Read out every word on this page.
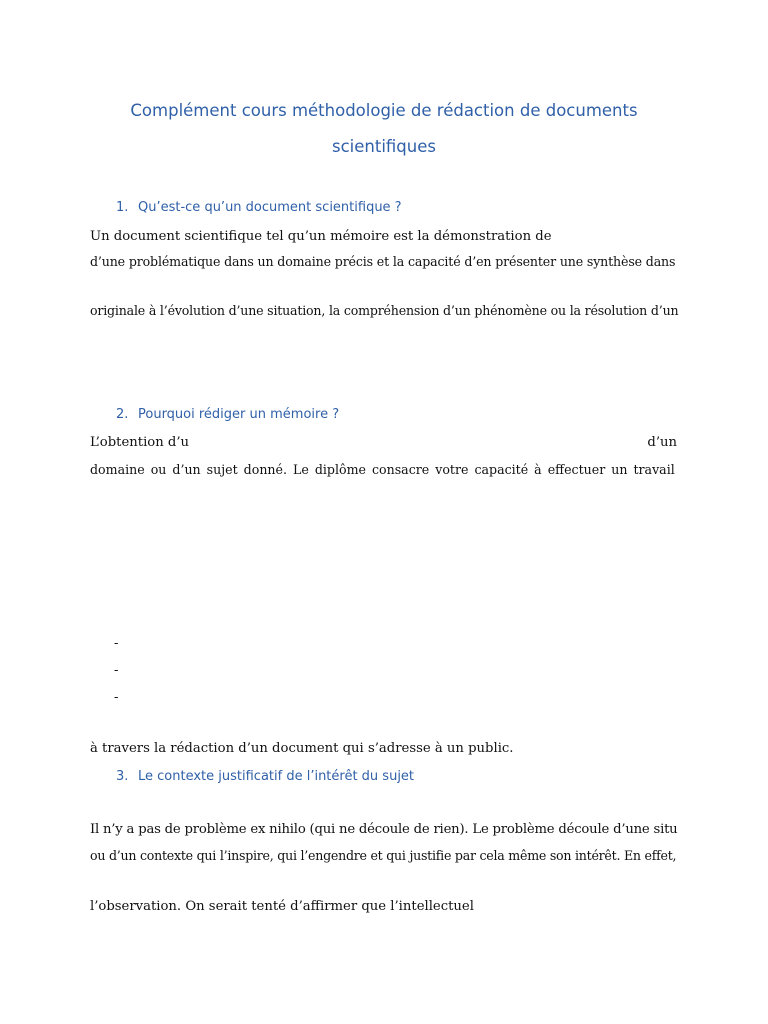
Complément cours méthodologie de rédaction de documents
scientifiques
1. Qu’est-ce qu’un document scientifique ?
Un document scientifique tel qu’un mémoire est la démonstration de
d’une problématique dans un domaine précis et la capacité d’en présenter une synthèse dans
originale à l’évolution d’une situation, la compréhension d’un phénomène ou la résolution d’un
2. Pourquoi rédiger un mémoire ?
L’obtention d’u	d’un
domaine ou d’un sujet donné. Le diplôme consacre votre capacité à effectuer un travail
-
-
-
à travers la rédaction d’un document qui s’adresse à un public.
3. Le contexte justificatif de l’intérêt du sujet
Il n’y a pas de problème ex nihilo (qui ne découle de rien). Le problème découle d’une situ
ou d’un contexte qui l’inspire, qui l’engendre et qui justifie par cela même son intérêt. En effet,
l’observation. On serait tenté d’affirmer que l’intellectuel
